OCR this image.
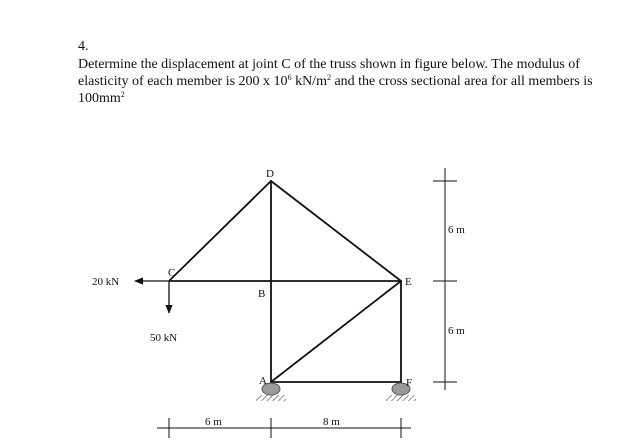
4.
Determine the displacement at joint C of the truss shown in figure below. The modulus of elasticity of each member is 200 x $10^6$ $kN/m^2$ and the cross sectional area for all members is $100mm^2$
20 kN
50 kN
D
C
B
E
A	F
6 m
6 m
6 m	8 m
